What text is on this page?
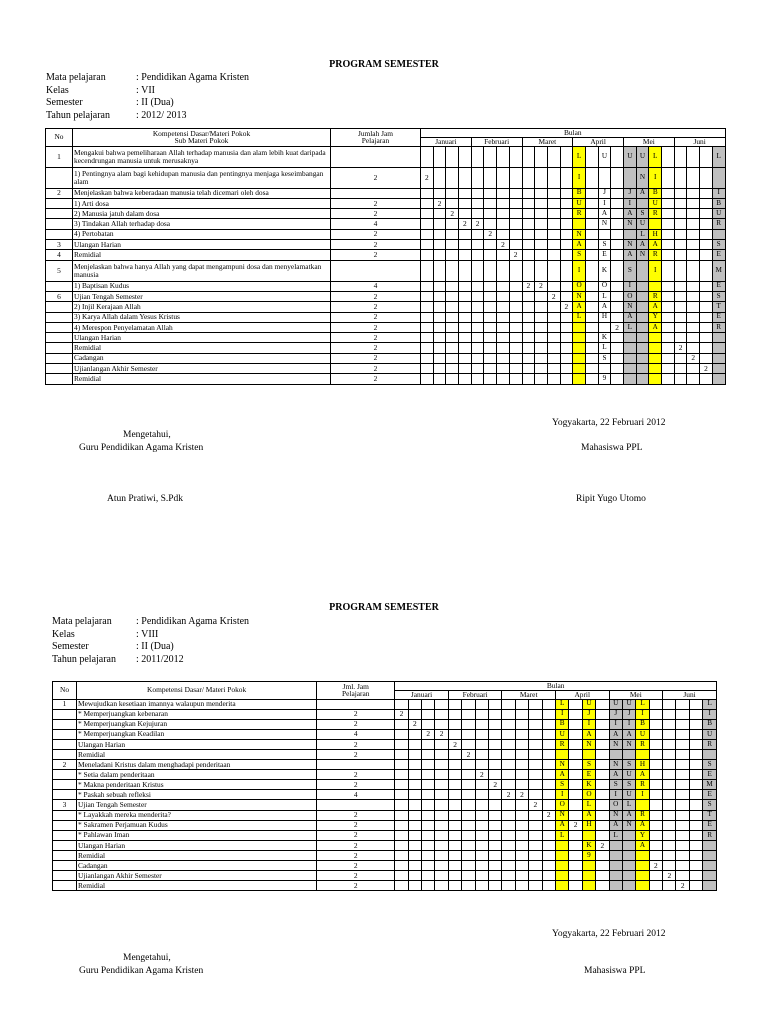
PROGRAM SEMESTER
Mata pelajaran	: Pendidikan Agama Kristen
Kelas	: VII
Semester	: II (Dua)
Tahun pelajaran	: 2012/ 2013
No	Kompetensi Dasar/Materi Pokok
Sub Materi Pokok	Jumlah Jam
Pelajaran	Bulan																							
			Januari				Februari				Maret				April				Mei				Juni			
1	Mengakui bahwa pemeliharaan Allah terhadap manusia dan alam lebih kuat daripada kecendrungan manusia untuk merusaknya														L		U		U	U	L					L
	1) Pentingnya alam bagi kehidupan manusia dan pentingnya menjaga keseimbangan alam	2	2												I					N	I					
2	Menjelaskan bahwa keberadaan manusia telah dicemari oleh dosa														B		J		J	A	B					I
	1) Arti dosa	2		2											U		I		I		U					B
	2) Manusia jatuh dalam dosa	2			2										R		A		A	S	R					U
	3) Tindakan Allah terhadap dosa	4				2	2										N		N	U						R
	4) Pertobatan	2						2							N					L	H					
3	Ulangan Harian	2							2						A		S		N	A	A					S
4	Remidial	2								2					S		E		A	N	R					E
5	Menjelaskan bahwa hanya Allah yang dapat mengampuni dosa dan menyelamatkan manusia														I		K		S		I					M
	1) Baptisan Kudus	4									2	2			O		O		I							E
6	Ujian Tengah Semester	2											2		N		L		O		R					S
	2) Injil Kerajaan Allah	2												2	A		A		N		A					T
	3) Karya Allah dalam Yesus Kristus	2													L		H		A		Y					E
	4) Merespon Penyelamatan Allah	2																2	L		A					R
	Ulangan Harian	2															K									
	Remidial	2															L						2			
	Cadangan	2															S							2		
	Ujianlangan Akhir Semester	2																							2	
	Remidial	2															9									
Yogyakarta, 22 Februari 2012
Mengetahui,
Guru Pendidikan Agama Kristen	Mahasiswa PPL
Atun Pratiwi, S.Pdk	Ripit Yugo Utomo
PROGRAM SEMESTER
Mata pelajaran	: Pendidikan Agama Kristen
Kelas	: VIII
Semester	: II (Dua)
Tahun pelajaran	: 2011/2012
No	Kompetensi Dasar/ Materi Pokok	Jml. Jam
Pelajaran	Bulan																							
			Januari				Februari				Maret				April				Mei				Juni			
1	Mewujudkan kesetiaan imannya walaupun menderita														L		U		U	U	L					L
	* Memperjuangkan kebenaran	2	2												I		J		J	J	I					I
	* Memperjuangkan Kejujuran	2		2											B		I		I	I	B					B
	* Memperjuangkan Keadilan	4			2	2									U		A		A	A	U					U
	Ulangan Harian	2					2								R		N		N	N	R					R
	Remidial	2						2																		
2	Meneladani Kristus dalam menghadapi penderitaan														N		S		N	S	H					S
	* Setia dalam penderitaan	2							2						A		E		A	U	A					E
	* Makna penderitaan Kristus	2								2					S		K		S	S	R					M
	* Paskah sebuah refleksi	4									2	2			I		O		I	U	I					E
3	Ujian Tengah Semester												2		O		L		O	L						S
	* Layakkah mereka menderita?	2												2	N		A		N	A	R					T
	* Sakramen Perjamuan Kudus	2													A	2	H		A	N	A					E
	* Pahlawan Iman	2													L				L		Y					R
	Ulangan Harian	2															K	2			A					
	Remidial	2															9									
	Cadangan	2																				2				
	Ujianlangan Akhir Semester	2																					2			
	Remidial	2																						2		
Yogyakarta, 22 Februari 2012
Mengetahui,
Guru Pendidikan Agama Kristen	Mahasiswa PPL
